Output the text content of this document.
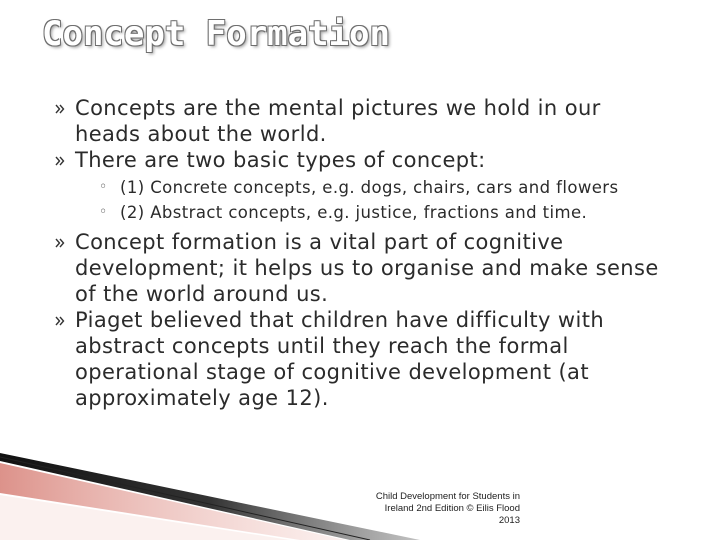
Concept Formation
Concepts are the mental pictures we hold in our heads about the world.
There are two basic types of concept:
◦ (1) Concrete concepts, e.g. dogs, chairs, cars and flowers
◦ (2) Abstract concepts, e.g. justice, fractions and time.
Concept formation is a vital part of cognitive development; it helps us to organise and make sense of the world around us.
Piaget believed that children have difficulty with abstract concepts until they reach the formal operational stage of cognitive development (at approximately age 12).
Child Development for Students in
Ireland 2nd Edition © Eilis Flood
2013
